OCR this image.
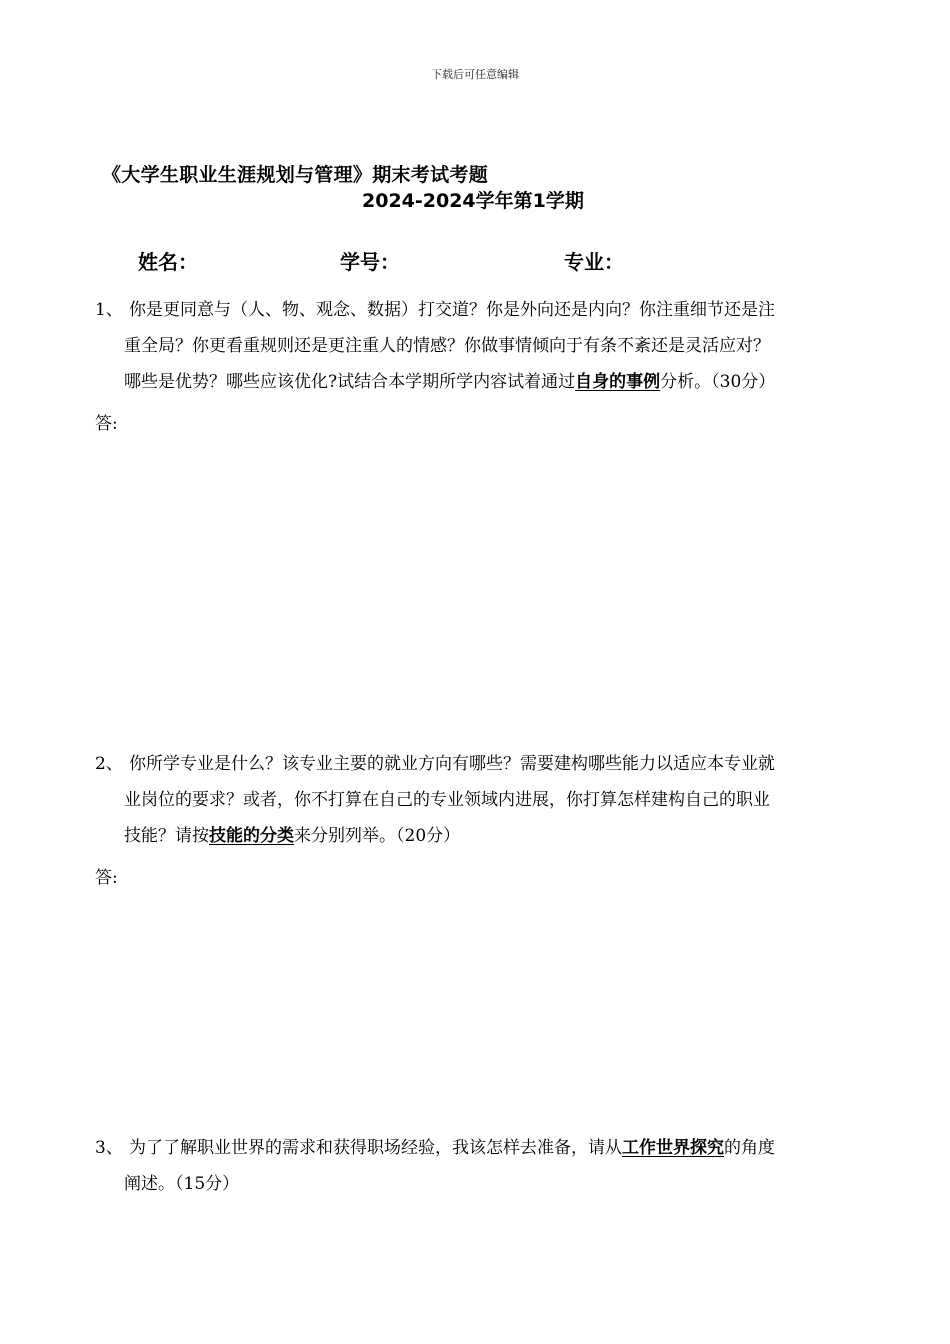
下载后可任意编辑
《大学生职业生涯规划与管理》期末考试考题
2024-2024学年第1学期
姓名：	学号：	专业：
1、 你是更同意与（人、物、观念、数据）打交道？你是外向还是内向？你注重细节还是注
重全局？你更看重规则还是更注重人的情感？你做事情倾向于有条不紊还是灵活应对？
哪些是优势？哪些应该优化?试结合本学期所学内容试着通过自身的事例分析。（30分）
答:
2、 你所学专业是什么？该专业主要的就业方向有哪些？需要建构哪些能力以适应本专业就
业岗位的要求？或者，你不打算在自己的专业领域内进展，你打算怎样建构自己的职业
技能？请按技能的分类来分别列举。（20分）
答:
3、 为了了解职业世界的需求和获得职场经验，我该怎样去准备，请从工作世界探究的角度
阐述。（15分）
